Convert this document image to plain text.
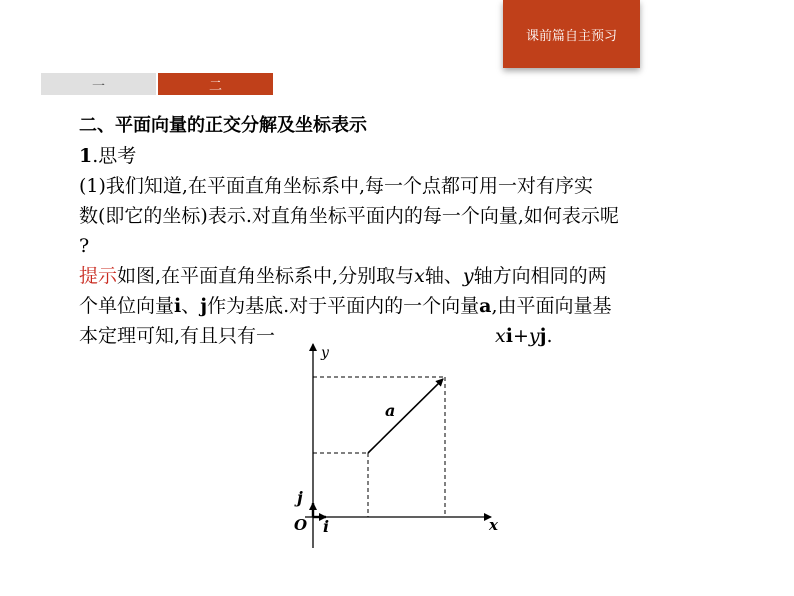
课前篇自主预习
一	二
二、平面向量的正交分解及坐标表示
1.思考
(1)我们知道,在平面直角坐标系中,每一个点都可用一对有序实
数(即它的坐标)表示.对直角坐标平面内的每一个向量,如何表示呢
?
提示如图,在平面直角坐标系中,分别取与x轴、y轴方向相同的两
个单位向量i、j作为基底.对于平面内的一个向量a,由平面向量基
本定理可知,有且只有一	xi+yj.
y
x
O i
j
a
